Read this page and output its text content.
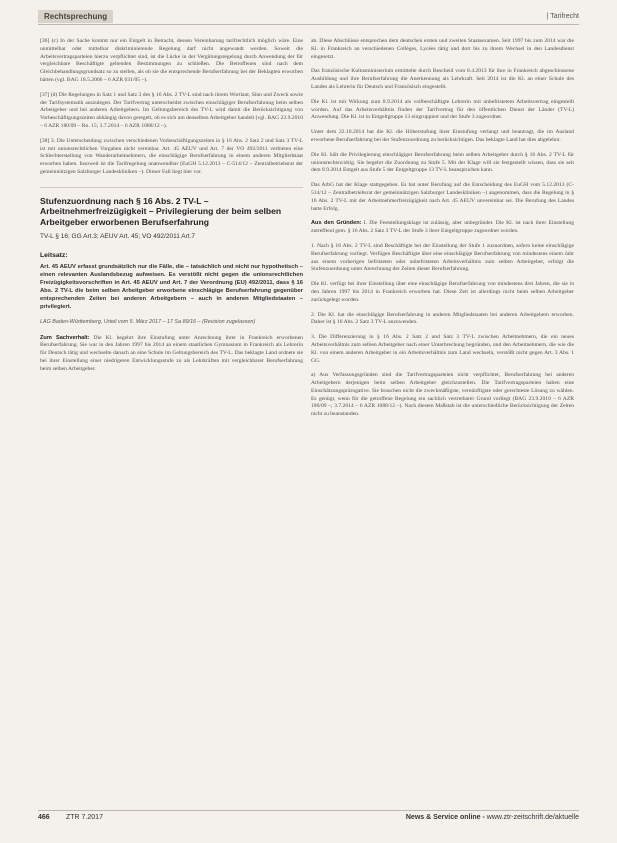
Rechtsprechung	| Tarifrecht

[36] (c) In der Sache kommt nur ein Entgelt in Betracht, dessen Vereinbarung tarifrechtlich möglich wäre. Eine unmittelbar oder mittelbar diskriminierende Regelung darf nicht angewandt werden. Soweit die Arbeitsvertragsparteien hierzu verpflichtet sind, ist die Lücke in der Vergütungsregelung durch Anwendung der für vergleichbare Beschäftigte geltenden Bestimmungen zu schließen. Die Betroffenen sind nach dem Gleichbehandlungsgrundsatz so zu stellen, als ob sie die entsprechende Berufserfahrung bei der Beklagten erworben hätten (vgl. BAG 18.5.2006 – 6 AZR 631/05 –).

[37] (d) Die Regelungen in Satz 1 und Satz 3 des § 16 Abs. 2 TV-L sind nach ihrem Wortlaut, Sinn und Zweck sowie der Tarifsystematik auszulegen. Der Tarifvertrag unterscheidet zwischen einschlägiger Berufserfahrung beim selben Arbeitgeber und bei anderen Arbeitgebern. Im Geltungsbereich des TV-L wird damit die Berücksichtigung von Vorbeschäftigungszeiten abhängig davon geregelt, ob es sich um denselben Arbeitgeber handelt (vgl. BAG 23.9.2010 – 6 AZR 180/09 – Rn. 15; 3.7.2014 – 6 AZR 1088/12 –).

[38] 3. Die Unterscheidung zwischen verschiedenen Vorbeschäftigungszeiten in § 16 Abs. 2 Satz 2 und Satz 3 TV-L ist mit unionsrechtlichen Vorgaben nicht vereinbar. Art. 45 AEUV und Art. 7 der VO 492/2011 verbieten eine Schlechterstellung von Wanderarbeitnehmern, die einschlägige Berufserfahrung in einem anderen Mitgliedstaat erworben haben. Insoweit ist die Tarifregelung unanwendbar (EuGH 5.12.2013 – C-514/12 – Zentralbetriebsrat der gemeinnützigen Salzburger Landeskliniken –). Dieser Fall liegt hier vor.

Stufenzuordnung nach § 16 Abs. 2 TV-L – Arbeitnehmerfreizügigkeit – Privilegierung der beim selben Arbeitgeber erworbenen Berufserfahrung
TV-L § 16; GG Art.3; AEUV Art. 45; VO 492/2011 Art.7
Leitsatz:
Art. 45 AEUV erfasst grundsätzlich nur die Fälle, die – tatsächlich und nicht nur hypothetisch – einen relevanten Auslandsbezug aufweisen. Es verstößt nicht gegen die unionsrechtlichen Freizügigkeitsvorschriften in Art. 45 AEUV und Art. 7 der Verordnung (EU) 492/2011, dass § 16 Abs. 2 TV-L die beim selben Arbeitgeber erworbene einschlägige Berufserfahrung gegenüber entsprechenden Zeiten bei anderen Arbeitgebern – auch in anderen Mitgliedstaaten – privilegiert.
LAG Baden-Württemberg, Urteil vom 5. März 2017 – 17 Sa 89/16 – (Revision zugelassen)

Zum Sachverhalt: Die Kl. begehrt ihre Einstufung unter Anrechnung ihrer in Frankreich erworbenen Berufserfahrung. Sie war in den Jahren 1997 bis 2014 an einem staatlichen Gymnasium in Frankreich als Lehrerin für Deutsch tätig und wechselte danach an eine Schule im Geltungsbereich des TV-L. Das beklagte Land ordnete sie bei ihrer Einstellung einer niedrigeren Entwicklungsstufe zu als Lehrkräften mit vergleichbarer Berufserfahrung beim selben Arbeitgeber.

ab. Diese Abschlüsse entsprechen dem deutschen ersten und zweiten Staatsexamen. Seit 1997 bis zum 2014 war die Kl. in Frankreich an verschiedenen Collèges, Lycées tätig und dort bis zu ihrem Wechsel in den Landesdienst eingesetzt.

Das französische Kultusministerium ermittelte durch Bescheid vom 8.4.2013 für ihre in Frankreich abgeschlossene Ausbildung und ihre Berufserfahrung die Anerkennung als Lehrkraft. Seit 2014 ist die Kl. an einer Schule des Landes als Lehrerin für Deutsch und Französisch eingestellt.

Die Kl. ist mit Wirkung zum 8.9.2014 als vollbeschäftigte Lehrerin mit unbefristetem Arbeitsvertrag eingestellt worden. Auf das Arbeitsverhältnis finden der Tarifvertrag für den öffentlichen Dienst der Länder (TV-L) Anwendung. Die Kl. ist in Entgeltgruppe 13 eingruppiert und der Stufe 3 zugeordnet.

Unter dem 22.10.2014 hat die Kl. die Höherstufung ihrer Einstufung verlangt und beantragt, die im Ausland erworbene Berufserfahrung bei der Stufenzuordnung zu berücksichtigen. Das beklagte Land hat dies abgelehnt.

Die Kl. hält die Privilegierung einschlägiger Berufserfahrung beim selben Arbeitgeber durch § 16 Abs. 2 TV-L für unionsrechtswidrig. Sie begehrt die Zuordnung zu Stufe 5. Mit der Klage will sie festgestellt wissen, dass sie seit dem 8.9.2014 Entgelt aus Stufe 5 der Entgeltgruppe 13 TV-L beanspruchen kann.

Das ArbG hat der Klage stattgegeben. Es hat unter Berufung auf die Entscheidung des EuGH vom 5.12.2013 (C-514/12 – Zentralbetriebsrat der gemeinnützigen Salzburger Landeskliniken –) angenommen, dass die Regelung in § 16 Abs. 2 TV-L mit der Arbeitnehmerfreizügigkeit nach Art. 45 AEUV unvereinbar sei. Die Berufung des Landes hatte Erfolg.

Aus den Gründen: I. Die Feststellungsklage ist zulässig, aber unbegründet. Die Kl. ist nach ihrer Einstellung zutreffend gem. § 16 Abs. 2 Satz 3 TV-L der Stufe 3 ihrer Entgeltgruppe zugeordnet worden.

1. Nach § 16 Abs. 2 TV-L sind Beschäftigte bei der Einstellung der Stufe 1 zuzuordnen, sofern keine einschlägige Berufserfahrung vorliegt. Verfügen Beschäftigte über eine einschlägige Berufserfahrung von mindestens einem Jahr aus einem vorherigen befristeten oder unbefristeten Arbeitsverhältnis zum selben Arbeitgeber, erfolgt die Stufenzuordnung unter Anrechnung der Zeiten dieser Berufserfahrung.

Die Kl. verfügt bei ihrer Einstellung über eine einschlägige Berufserfahrung von mindestens drei Jahren, die sie in den Jahren 1997 bis 2014 in Frankreich erworben hat. Diese Zeit ist allerdings nicht beim selben Arbeitgeber zurückgelegt worden.

2. Die Kl. hat die einschlägige Berufserfahrung in anderen Mitgliedstaaten bei anderen Arbeitgebern erworben. Daher ist § 16 Abs. 2 Satz 3 TV-L anzuwenden.

3. Die Differenzierung in § 16 Abs. 2 Satz 2 und Satz 3 TV-L zwischen Arbeitnehmern, die ein neues Arbeitsverhältnis zum selben Arbeitgeber nach einer Unterbrechung begründen, und den Arbeitnehmern, die wie die Kl. von einem anderen Arbeitgeber in ein Arbeitsverhältnis zum Land wechseln, verstößt nicht gegen Art. 3 Abs. 1 GG.

a) Aus Verfassungsgründen sind die Tarifvertragsparteien nicht verpflichtet, Berufserfahrung bei anderen Arbeitgebern derjenigen beim selben Arbeitgeber gleichzustellen. Die Tarifvertragsparteien haben eine Einschätzungsprärogative. Sie brauchen nicht die zweckmäßigste, vernünftigste oder gerechteste Lösung zu wählen. Es genügt, wenn für die getroffene Regelung ein sachlich vertretbarer Grund vorliegt (BAG 23.9.2010 – 6 AZR 180/09 –; 3.7.2014 – 6 AZR 1088/12 –). Nach diesem Maßstab ist die unterschiedliche Berücksichtigung der Zeiten nicht zu beanstanden.

466 ZTR 7.2017	News & Service online - www.ztr-zeitschrift.de/aktuelle
